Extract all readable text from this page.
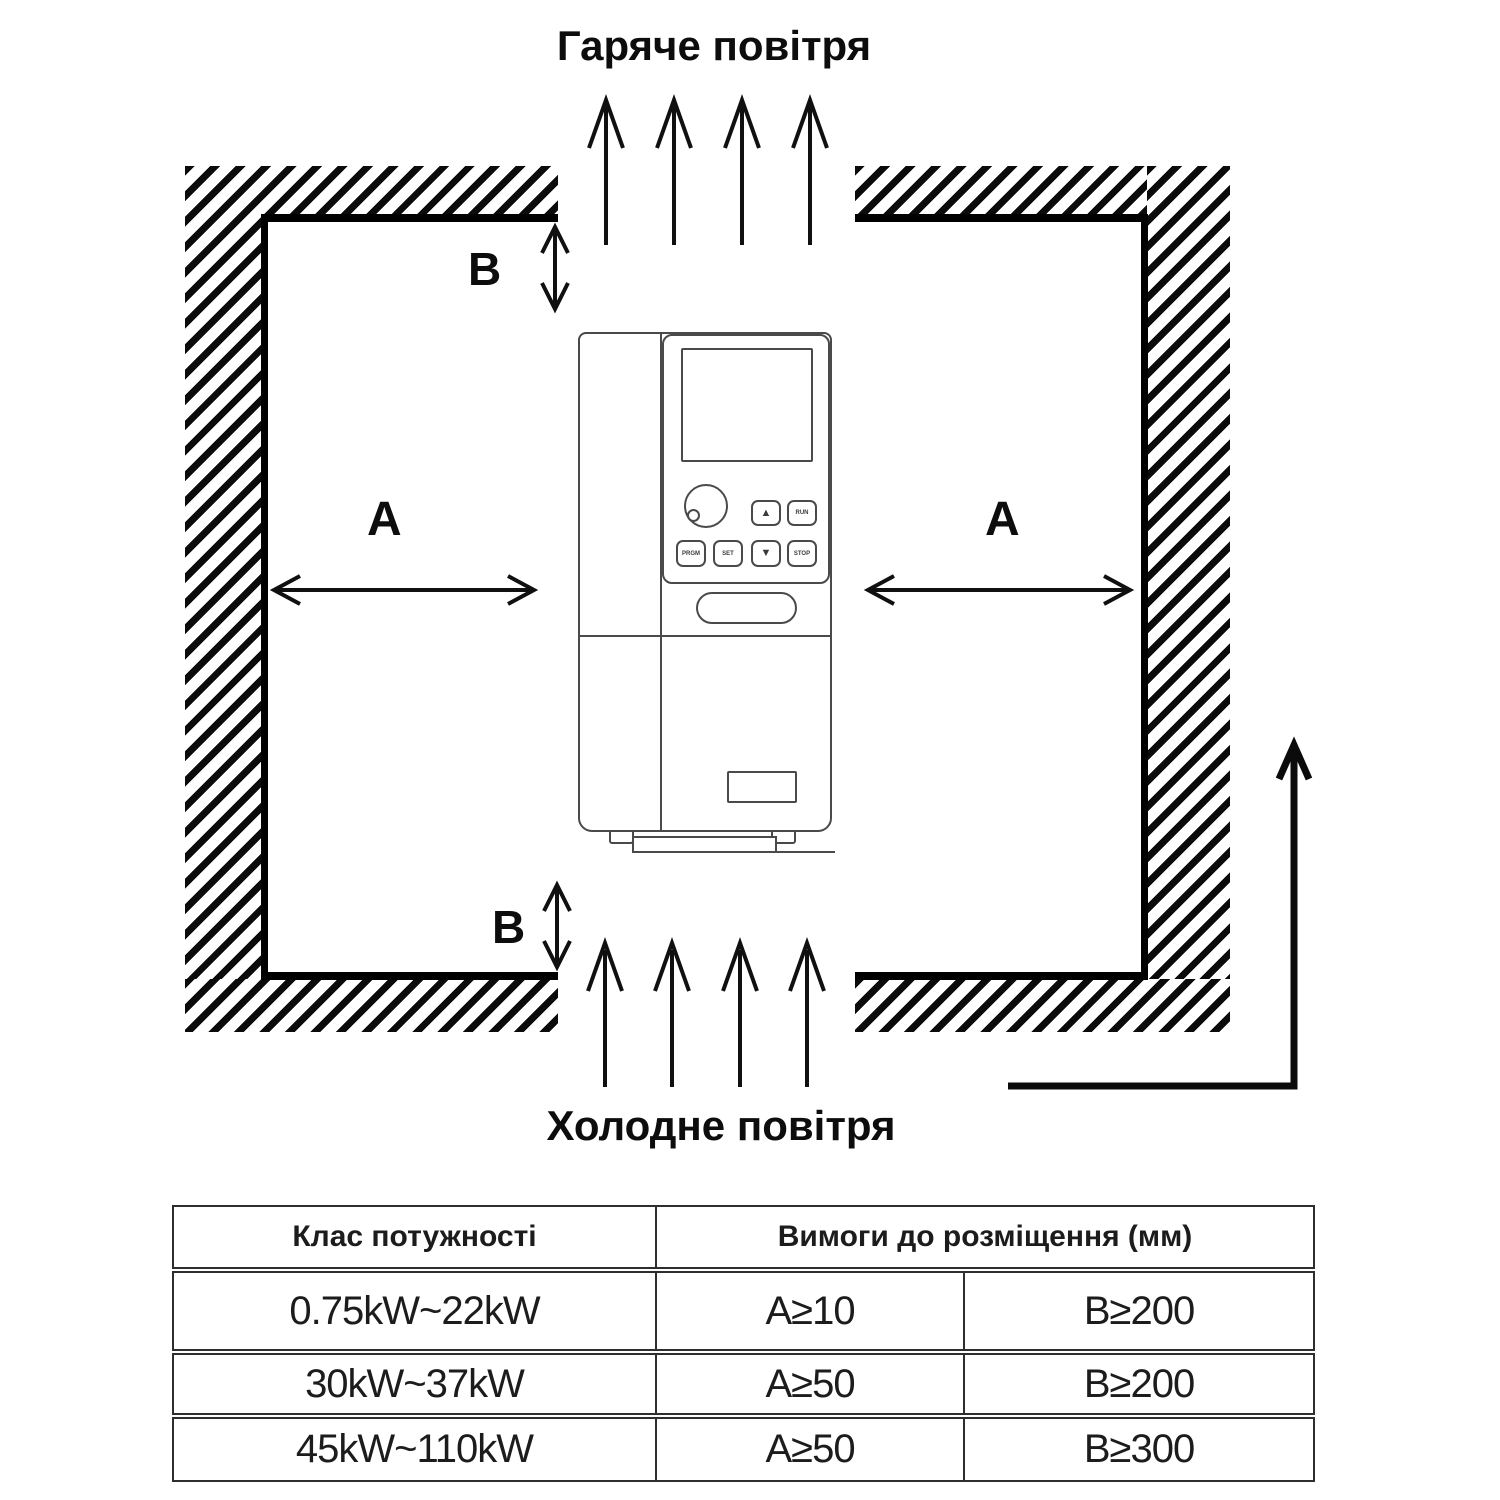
Гаряче повітря
Холодне повітря
A	A
B
B
▲	RUN
PRGM	SET	▼	STOP
Клас потужності	Вимоги до розміщення (мм)	
0.75kW~22kW	A≥10	B≥200
30kW~37kW	A≥50	B≥200
45kW~110kW	A≥50	B≥300
